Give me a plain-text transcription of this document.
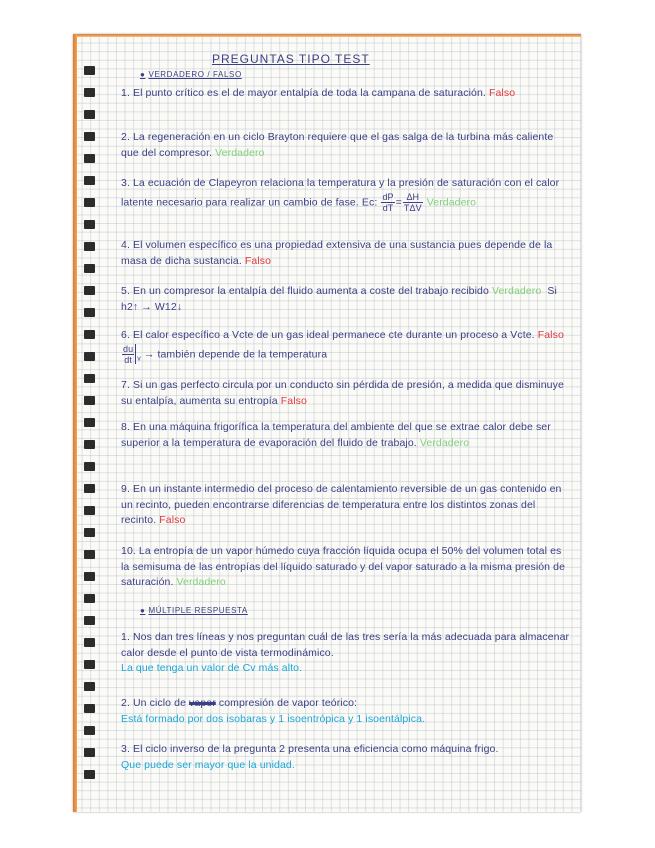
PREGUNTAS TIPO TEST

● VERDADERO / FALSO

1. El punto crítico es el de mayor entalpía de toda la campana de saturación. Falso

2. La regeneración en un ciclo Brayton requiere que el gas salga de la turbina más caliente que del compresor. Verdadero

3. La ecuación de Clapeyron relaciona la temperatura y la presión de saturación con el calor latente necesario para realizar un cambio de fase. Ec: $\frac{dP}{dT} = \frac{\Delta H}{\text{TΔV}}$ Verdadero

4. El volumen específico es una propiedad extensiva de una sustancia pues depende de la masa de dicha sustancia. Falso

5. En un compresor la entalpía del fluido aumenta a coste del trabajo recibido Verdadero Si h2↑ → W12↓

6. El calor específico a Vcte de un gas ideal permanece cte durante un proceso a Vcte. Falso
$\frac{du}{dt} _v$ → también depende de la temperatura

7. Si un gas perfecto circula por un conducto sin pérdida de presión, a medida que disminuye su entalpía, aumenta su entropía Falso

8. En una máquina frigorífica la temperatura del ambiente del que se extrae calor debe ser superior a la temperatura de evaporación del fluido de trabajo. Verdadero

9. En un instante intermedio del proceso de calentamiento reversible de un gas contenido en un recinto, pueden encontrarse diferencias de temperatura entre los distintos zonas del recinto. Falso

10. La entropía de un vapor húmedo cuya fracción líquida ocupa el 50% del volumen total es la semisuma de las entropías del líquido saturado y del vapor saturado a la misma presión de saturación. Verdadero

● MÚLTIPLE RESPUESTA

1. Nos dan tres líneas y nos preguntan cuál de las tres sería la más adecuada para almacenar calor desde el punto de vista termodinámico.
La que tenga un valor de Cv más alto.

2. Un ciclo de vapor compresión de vapor teórico:
Está formado por dos isobaras y 1 isoentrópica y 1 isoentálpica.

3. El ciclo inverso de la pregunta 2 presenta una eficiencia como máquina frigo.
Que puede ser mayor que la unidad.
